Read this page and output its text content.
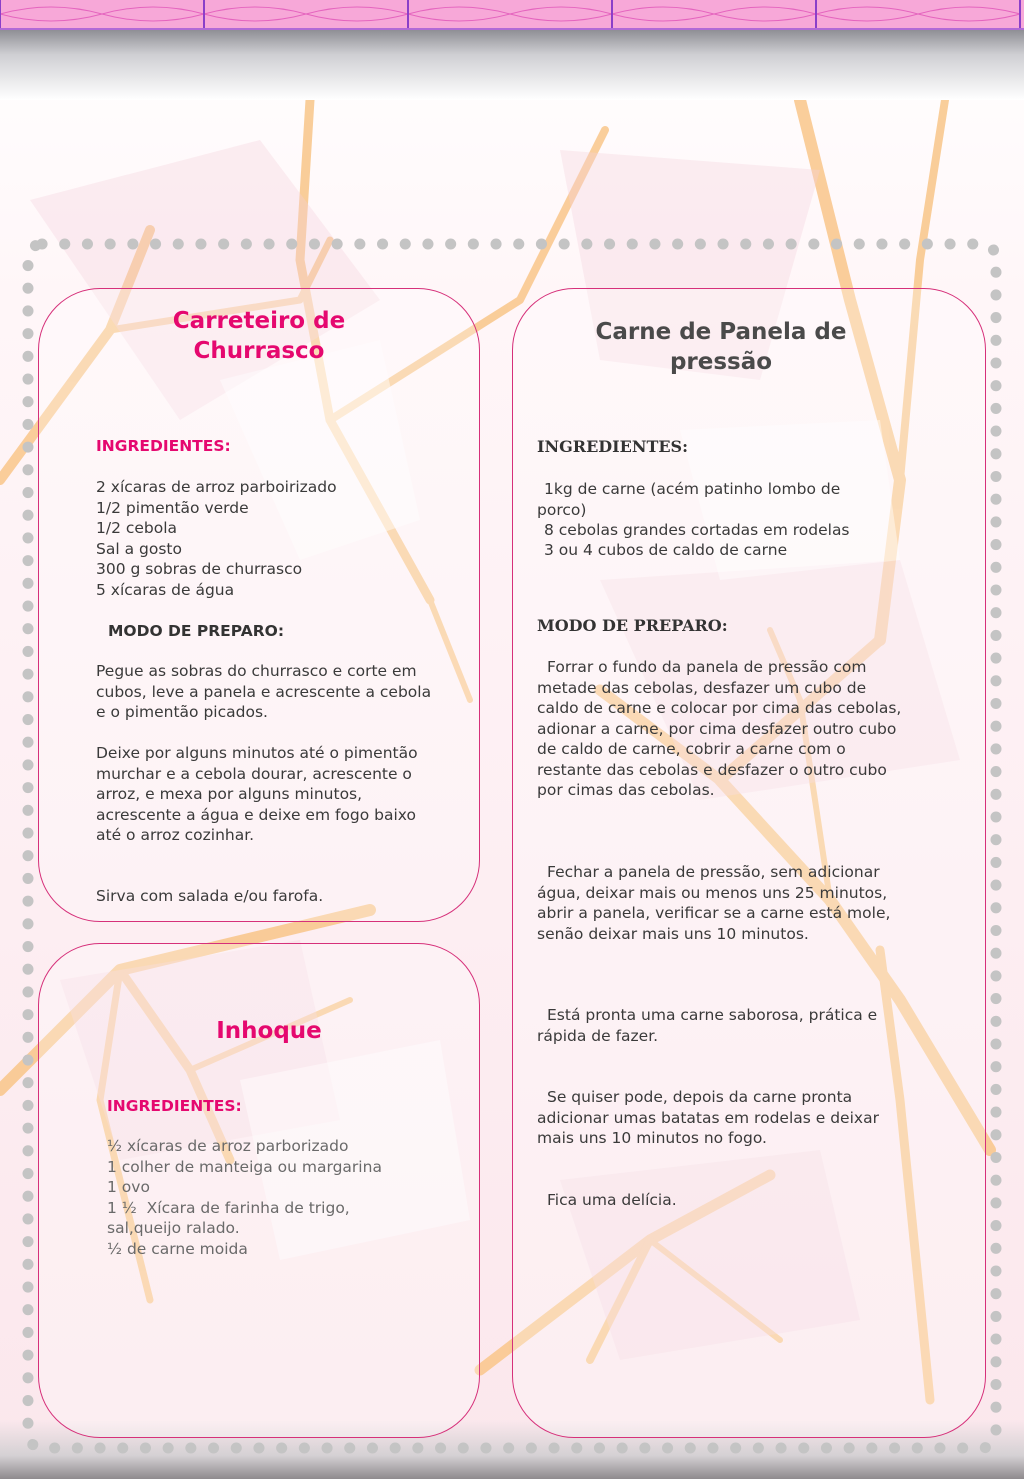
Carreteiro de
Churrasco

INGREDIENTES:

2 xícaras de arroz parboirizado
1/2 pimentão verde
1/2 cebola
Sal a gosto
300 g sobras de churrasco
5 xícaras de água

MODO DE PREPARO:

Pegue as sobras do churrasco e corte em cubos, leve a panela e acrescente a cebola e o pimentão picados.

Deixe por alguns minutos até o pimentão murchar e a cebola dourar, acrescente o arroz, e mexa por alguns minutos, acrescente a água e deixe em fogo baixo até o arroz cozinhar.

Sirva com salada e/ou farofa.

Carne de Panela de
pressão

INGREDIENTES:

1kg de carne (acém patinho lombo de porco)

8 cebolas grandes cortadas em rodelas

3 ou 4 cubos de caldo de carne

MODO DE PREPARO:

Forrar o fundo da panela de pressão com metade das cebolas, desfazer um cubo de caldo de carne e colocar por cima das cebolas, adionar a carne, por cima desfazer outro cubo de caldo de carne, cobrir a carne com o restante das cebolas e desfazer o outro cubo por cimas das cebolas.

Fechar a panela de pressão, sem adicionar água, deixar mais ou menos uns 25 minutos, abrir a panela, verificar se a carne está mole, senão deixar mais uns 10 minutos.

Está pronta uma carne saborosa, prática e rápida de fazer.

Se quiser pode, depois da carne pronta adicionar umas batatas em rodelas e deixar mais uns 10 minutos no fogo.

Fica uma delícia.

Inhoque

INGREDIENTES:

½ xícaras de arroz parborizado
1 colher de manteiga ou margarina
1 ovo
1 ½  Xícara de farinha de trigo,
sal,queijo ralado.
½ de carne moida
